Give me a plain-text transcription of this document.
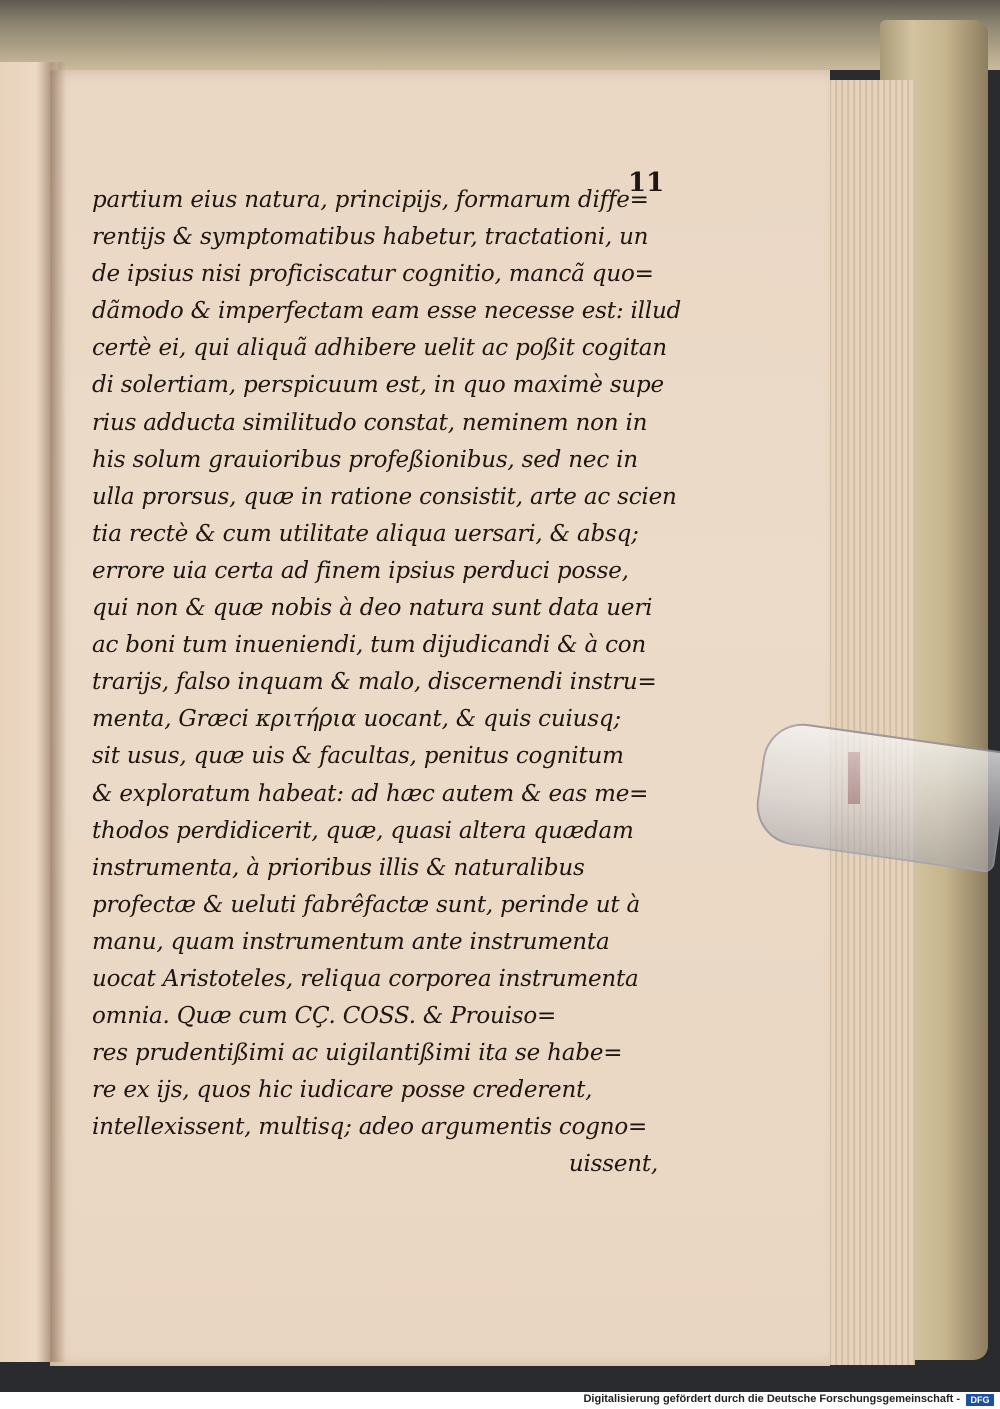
11
partium eius natura, principijs, formarum diffe=
rentijs & symptomatibus habetur, tractationi, un
de ipsius nisi proficiscatur cognitio, mancã quo=
dãmodo & imperfectam eam esse necesse est: illud
certè ei, qui aliquã adhibere uelit ac poßit cogitan
di solertiam, perspicuum est, in quo maximè supe
rius adducta similitudo constat, neminem non in
his solum grauioribus profeßionibus, sed nec in
ulla prorsus, quæ in ratione consistit, arte ac scien
tia rectè & cum utilitate aliqua uersari, & absq;
errore uia certa ad finem ipsius perduci posse,
qui non & quæ nobis à deo natura sunt data ueri
ac boni tum inueniendi, tum dijudicandi & à con
trarijs, falso inquam & malo, discernendi instru=
menta, Græci κριτήρια uocant, & quis cuiusq;
sit usus, quæ uis & facultas, penitus cognitum
& exploratum habeat: ad hæc autem & eas me=
thodos perdidicerit, quæ, quasi altera quædam
instrumenta, à prioribus illis & naturalibus
profectæ & ueluti fabrêfactæ sunt, perinde ut à
manu, quam instrumentum ante instrumenta
uocat Aristoteles, reliqua corporea instrumenta
omnia. Quæ cum CÇ. COSS. & Prouiso=
res prudentißimi ac uigilantißimi ita se habe=
re ex ijs, quos hic iudicare posse crederent,
intellexissent, multisq; adeo argumentis cogno=
uissent,
Digitalisierung gefördert durch die Deutsche Forschungsgemeinschaft -	DFG
